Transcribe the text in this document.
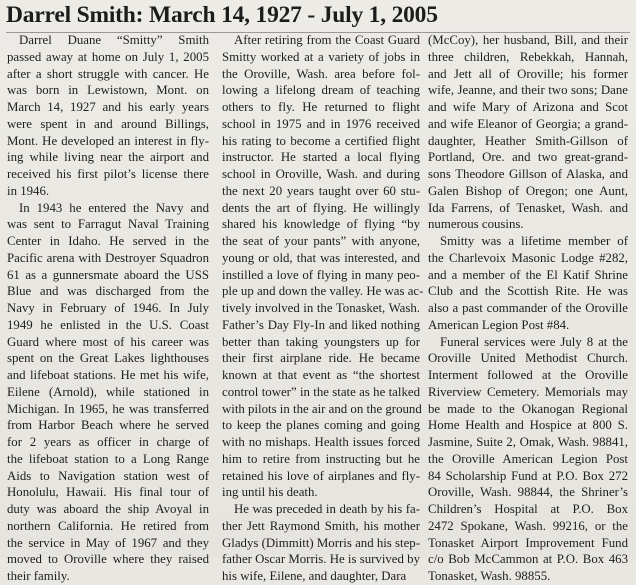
Darrel Smith: March 14, 1927 - July 1, 2005
Darrel Duane “Smitty” Smith
passed away at home on July 1, 2005
after a short struggle with cancer. He
was born in Lewistown, Mont. on
March 14, 1927 and his early years
were spent in and around Billings,
Mont. He developed an interest in fly-
ing while living near the airport and
received his first pilot’s license there
in 1946.
In 1943 he entered the Navy and
was sent to Farragut Naval Training
Center in Idaho. He served in the
Pacific arena with Destroyer Squadron
61 as a gunnersmate aboard the USS
Blue and was discharged from the
Navy in February of 1946. In July
1949 he enlisted in the U.S. Coast
Guard where most of his career was
spent on the Great Lakes lighthouses
and lifeboat stations. He met his wife,
Eilene (Arnold), while stationed in
Michigan. In 1965, he was transferred
from Harbor Beach where he served
for 2 years as officer in charge of
the lifeboat station to a Long Range
Aids to Navigation station west of
Honolulu, Hawaii. His final tour of
duty was aboard the ship Avoyal in
northern California. He retired from
the service in May of 1967 and they
moved to Oroville where they raised
their family.
After retiring from the Coast Guard
Smitty worked at a variety of jobs in
the Oroville, Wash. area before fol-
lowing a lifelong dream of teaching
others to fly. He returned to flight
school in 1975 and in 1976 received
his rating to become a certified flight
instructor. He started a local flying
school in Oroville, Wash. and during
the next 20 years taught over 60 stu-
dents the art of flying. He willingly
shared his knowledge of flying “by
the seat of your pants” with anyone,
young or old, that was interested, and
instilled a love of flying in many peo-
ple up and down the valley. He was ac-
tively involved in the Tonasket, Wash.
Father’s Day Fly-In and liked nothing
better than taking youngsters up for
their first airplane ride. He became
known at that event as “the shortest
control tower” in the state as he talked
with pilots in the air and on the ground
to keep the planes coming and going
with no mishaps. Health issues forced
him to retire from instructing but he
retained his love of airplanes and fly-
ing until his death.
He was preceded in death by his fa-
ther Jett Raymond Smith, his mother
Gladys (Dimmitt) Morris and his step-
father Oscar Morris. He is survived by
his wife, Eilene, and daughter, Dara
(McCoy), her husband, Bill, and their
three children, Rebekkah, Hannah,
and Jett all of Oroville; his former
wife, Jeanne, and their two sons; Dane
and wife Mary of Arizona and Scot
and wife Eleanor of Georgia; a grand-
daughter, Heather Smith-Gillson of
Portland, Ore. and two great-grand-
sons Theodore Gillson of Alaska, and
Galen Bishop of Oregon; one Aunt,
Ida Farrens, of Tenasket, Wash. and
numerous cousins.
Smitty was a lifetime member of
the Charlevoix Masonic Lodge #282,
and a member of the El Katif Shrine
Club and the Scottish Rite. He was
also a past commander of the Oroville
American Legion Post #84.
Funeral services were July 8 at the
Oroville United Methodist Church.
Interment followed at the Oroville
Riverview Cemetery. Memorials may
be made to the Okanogan Regional
Home Health and Hospice at 800 S.
Jasmine, Suite 2, Omak, Wash. 98841,
the Oroville American Legion Post
84 Scholarship Fund at P.O. Box 272
Oroville, Wash. 98844, the Shriner’s
Children’s Hospital at P.O. Box
2472 Spokane, Wash. 99216, or the
Tonasket Airport Improvement Fund
c/o Bob McCammon at P.O. Box 463
Tonasket, Wash. 98855.
